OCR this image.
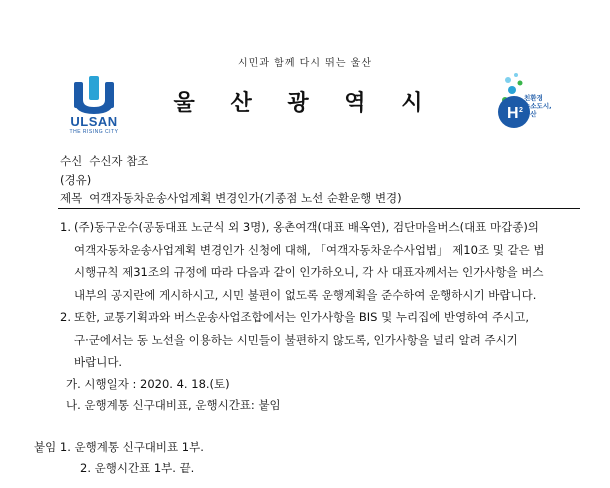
시민과 함께 다시 뛰는 울산
ULSAN
THE RISING CITY
울 산 광 역 시	H 2
친환경
수소도시,
울산
수신 수신자 참조
(경유)
제목 여객자동차운송사업계획 변경인가(기종점 노선 순환운행 변경)
1. (주)동구운수(공동대표 노군식 외 3명), 옹촌여객(대표 배옥연), 검단마을버스(대표 마갑종)의
여객자동차운송사업계획 변경인가 신청에 대해, 「여객자동차운수사업법」 제10조 및 같은 법
시행규칙 제31조의 규정에 따라 다음과 같이 인가하오니, 각 사 대표자께서는 인가사항을 버스
내부의 공지란에 게시하시고, 시민 불편이 없도록 운행계획을 준수하여 운행하시기 바랍니다.
2. 또한, 교통기획과와 버스운송사업조합에서는 인가사항을 BIS 및 누리집에 반영하여 주시고,
구·군에서는 동 노선을 이용하는 시민들이 불편하지 않도록, 인가사항을 널리 알려 주시기
바랍니다.
가. 시행일자 : 2020. 4. 18.(토)
나. 운행계통 신구대비표, 운행시간표: 붙임
붙임 1. 운행계통 신구대비표 1부.
2. 운행시간표 1부. 끝.
